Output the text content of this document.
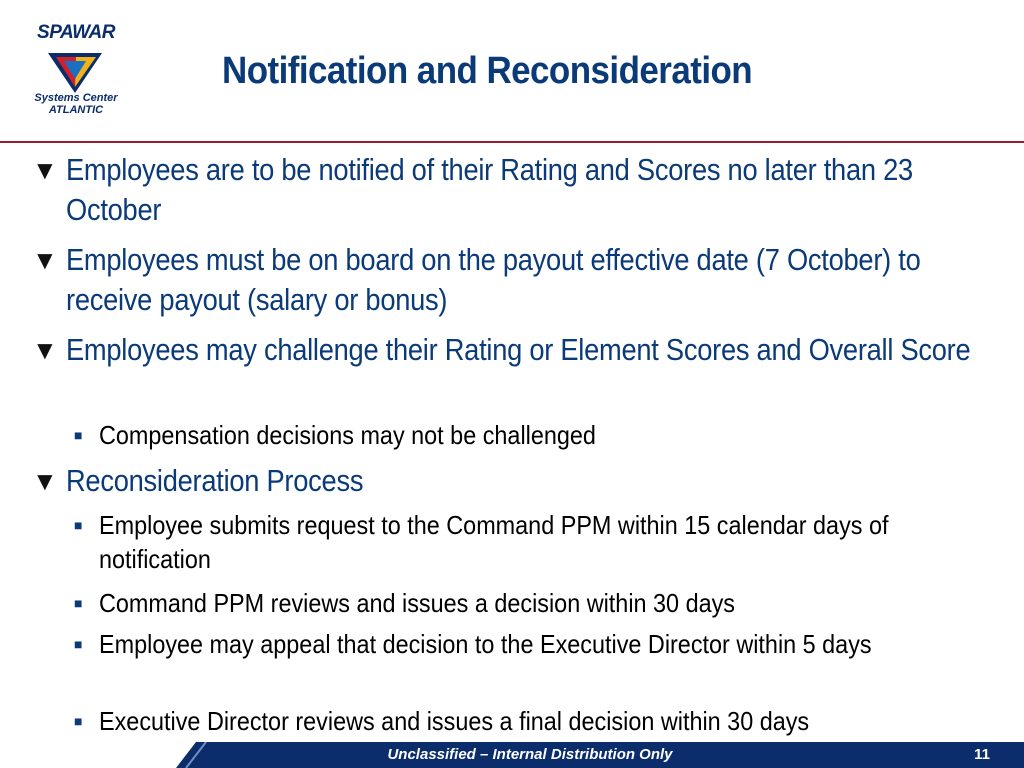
SPAWAR
Systems Center
ATLANTIC
Notification and Reconsideration
▼ Employees are to be notified of their Rating and Scores no later than 23 October
▼ Employees must be on board on the payout effective date (7 October) to receive payout (salary or bonus)
▼ Employees may challenge their Rating or Element Scores and Overall Score
■ Compensation decisions may not be challenged
▼ Reconsideration Process
■ Employee submits request to the Command PPM within 15 calendar days of notification
■ Command PPM reviews and issues a decision within 30 days
■ Employee may appeal that decision to the Executive Director within 5 days
■ Executive Director reviews and issues a final decision within 30 days
Unclassified – Internal Distribution Only	11
